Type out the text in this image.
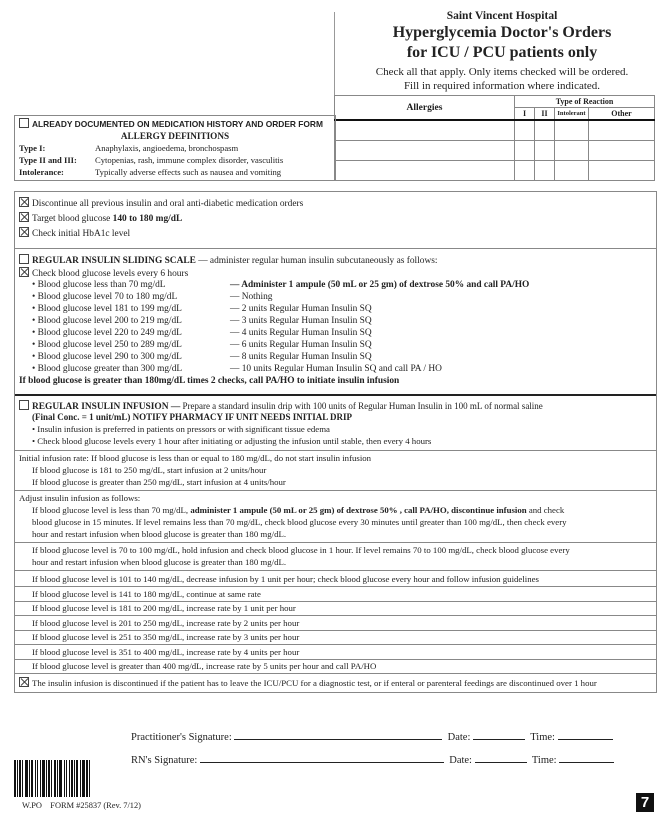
Saint Vincent Hospital
Hyperglycemia Doctor's Orders
for ICU / PCU patients only
Check all that apply. Only items checked will be ordered.
Fill in required information where indicated.
Allergies	Type of Reaction			
	I	II	Intolerant	Other

ALREADY DOCUMENTED ON MEDICATION HISTORY AND ORDER FORM
ALLERGY DEFINITIONS
Type I:	Anaphylaxis, angioedema, bronchospasm
Type II and III: Cytopenias, rash, immune complex disorder, vasculitis
Intolerance:	Typically adverse effects such as nausea and vomiting
Discontinue all previous insulin and oral anti-diabetic medication orders
Target blood glucose 140 to 180 mg/dL
Check initial HbA1c level
REGULAR INSULIN SLIDING SCALE — administer regular human insulin subcutaneously as follows:
Check blood glucose levels every 6 hours
• Blood glucose less than 70 mg/dL	— Administer 1 ampule (50 mL or 25 gm) of dextrose 50% and call PA/HO
• Blood glucose level 70 to 180 mg/dL	— Nothing
• Blood glucose level 181 to 199 mg/dL	— 2 units Regular Human Insulin SQ
• Blood glucose level 200 to 219 mg/dL	— 3 units Regular Human Insulin SQ
• Blood glucose level 220 to 249 mg/dL	— 4 units Regular Human Insulin SQ
• Blood glucose level 250 to 289 mg/dL	— 6 units Regular Human Insulin SQ
• Blood glucose level 290 to 300 mg/dL	— 8 units Regular Human Insulin SQ
• Blood glucose greater than 300 mg/dL	— 10 units Regular Human Insulin SQ and call PA / HO
If blood glucose is greater than 180mg/dL times 2 checks, call PA/HO to initiate insulin infusion
REGULAR INSULIN INFUSION — Prepare a standard insulin drip with 100 units of Regular Human Insulin in 100 mL of normal saline
(Final Conc. = 1 unit/mL) NOTIFY PHARMACY IF UNIT NEEDS INITIAL DRIP
• Insulin infusion is preferred in patients on pressors or with significant tissue edema
• Check blood glucose levels every 1 hour after initiating or adjusting the infusion until stable, then every 4 hours
Initial infusion rate: If blood glucose is less than or equal to 180 mg/dL, do not start insulin infusion
If blood glucose is 181 to 250 mg/dL, start infusion at 2 units/hour
If blood glucose is greater than 250 mg/dL, start infusion at 4 units/hour
Adjust insulin infusion as follows:
If blood glucose level is less than 70 mg/dL, administer 1 ampule (50 mL or 25 gm) of dextrose 50% , call PA/HO, discontinue infusion and check
blood glucose in 15 minutes. If level remains less than 70 mg/dL, check blood glucose every 30 minutes until greater than 100 mg/dL, then check every
hour and restart infusion when blood glucose is greater than 180 mg/dL.
If blood glucose level is 70 to 100 mg/dL, hold infusion and check blood glucose in 1 hour. If level remains 70 to 100 mg/dL, check blood glucose every
hour and restart infusion when blood glucose is greater than 180 mg/dL.
If blood glucose level is 101 to 140 mg/dL, decrease infusion by 1 unit per hour; check blood glucose every hour and follow infusion guidelines
If blood glucose level is 141 to 180 mg/dL, continue at same rate
If blood glucose level is 181 to 200 mg/dL, increase rate by 1 unit per hour
If blood glucose level is 201 to 250 mg/dL, increase rate by 2 units per hour
If blood glucose level is 251 to 350 mg/dL, increase rate by 3 units per hour
If blood glucose level is 351 to 400 mg/dL, increase rate by 4 units per hour
If blood glucose level is greater than 400 mg/dL, increase rate by 5 units per hour and call PA/HO
The insulin infusion is discontinued if the patient has to leave the ICU/PCU for a diagnostic test, or if enteral or parenteral feedings are discontinued over 1 hour
Practitioner's Signature:	Date:	Time:
RN's Signature:	Date:	Time:
W.PO    FORM #25837 (Rev. 7/12)	7
